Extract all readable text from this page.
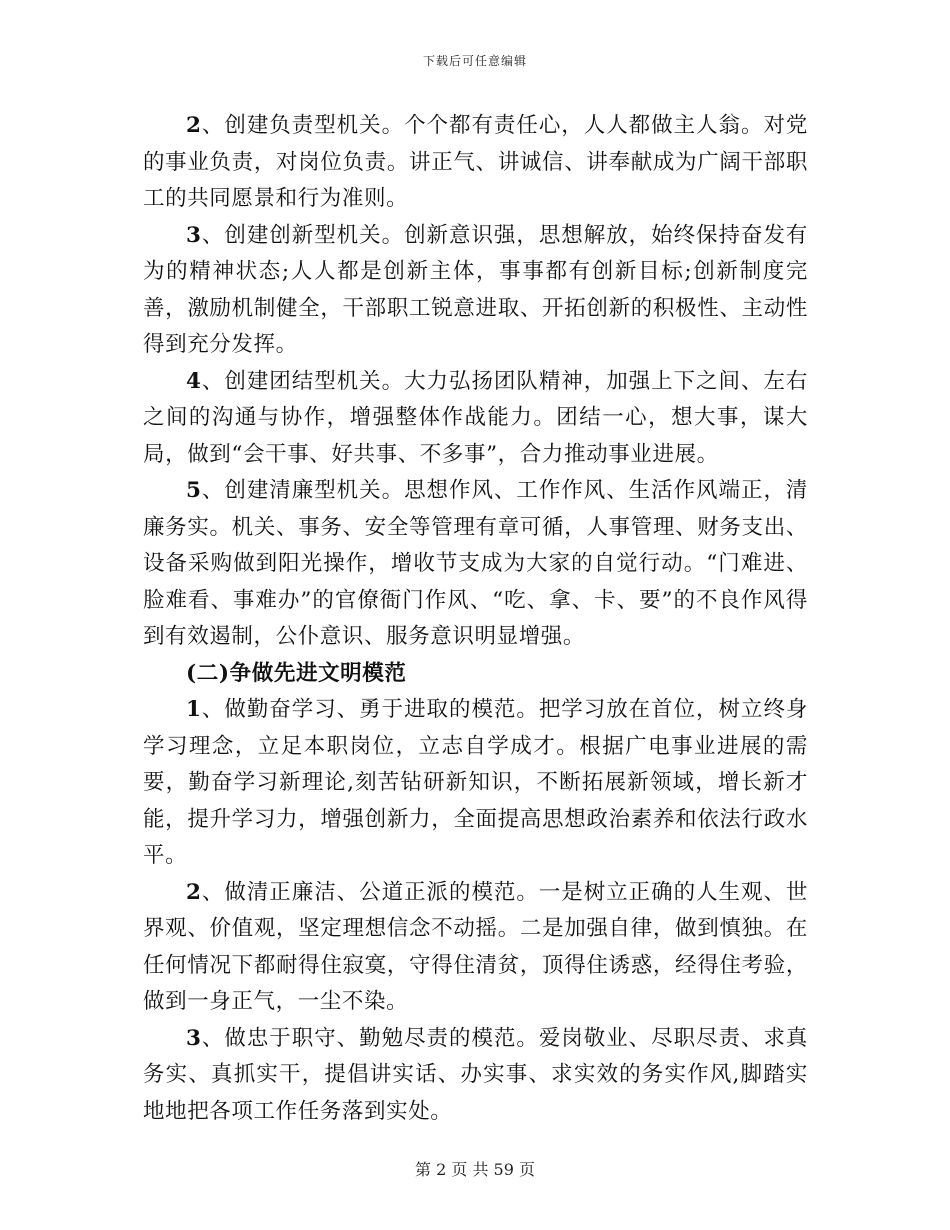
下载后可任意编辑

2、创建负责型机关。个个都有责任心，人人都做主人翁。对党的事业负责，对岗位负责。讲正气、讲诚信、讲奉献成为广阔干部职工的共同愿景和行为准则。

3、创建创新型机关。创新意识强，思想解放，始终保持奋发有为的精神状态;人人都是创新主体，事事都有创新目标;创新制度完善，激励机制健全，干部职工锐意进取、开拓创新的积极性、主动性得到充分发挥。

4、创建团结型机关。大力弘扬团队精神，加强上下之间、左右之间的沟通与协作，增强整体作战能力。团结一心，想大事，谋大局，做到“会干事、好共事、不多事”，合力推动事业进展。

5、创建清廉型机关。思想作风、工作作风、生活作风端正，清廉务实。机关、事务、安全等管理有章可循，人事管理、财务支出、设备采购做到阳光操作，增收节支成为大家的自觉行动。“门难进、脸难看、事难办”的官僚衙门作风、“吃、拿、卡、要”的不良作风得到有效遏制，公仆意识、服务意识明显增强。

(二)争做先进文明模范

1、做勤奋学习、勇于进取的模范。把学习放在首位，树立终身学习理念，立足本职岗位，立志自学成才。根据广电事业进展的需要，勤奋学习新理论,刻苦钻研新知识，不断拓展新领域，增长新才能，提升学习力，增强创新力，全面提高思想政治素养和依法行政水平。

2、做清正廉洁、公道正派的模范。一是树立正确的人生观、世界观、价值观，坚定理想信念不动摇。二是加强自律，做到慎独。在任何情况下都耐得住寂寞，守得住清贫，顶得住诱惑，经得住考验，做到一身正气，一尘不染。

3、做忠于职守、勤勉尽责的模范。爱岗敬业、尽职尽责、求真务实、真抓实干，提倡讲实话、办实事、求实效的务实作风,脚踏实地地把各项工作任务落到实处。

第 2 页 共 59 页
